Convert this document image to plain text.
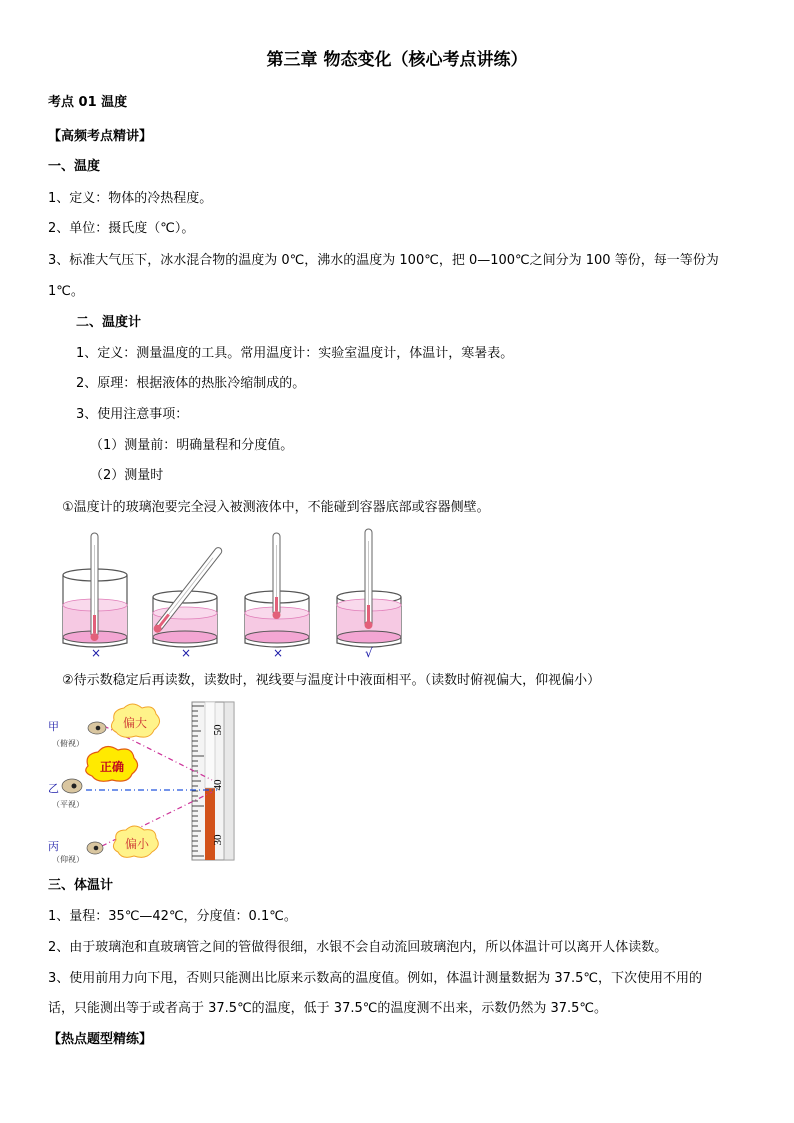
第三章 物态变化（核心考点讲练）
考点 01 温度
【高频考点精讲】
一、温度
1、定义：物体的冷热程度。
2、单位：摄氏度（℃）。
3、标准大气压下，冰水混合物的温度为 0℃，沸水的温度为 100℃，把 0—100℃之间分为 100 等份，每一等份为
1℃。
二、温度计
1、定义：测量温度的工具。常用温度计：实验室温度计，体温计，寒暑表。
2、原理：根据液体的热胀冷缩制成的。
3、使用注意事项：
（1）测量前：明确量程和分度值。
（2）测量时
①温度计的玻璃泡要完全浸入被测液体中，不能碰到容器底部或容器侧壁。
×	×	×	√
②待示数稳定后再读数，读数时，视线要与温度计中液面相平。（读数时俯视偏大，仰视偏小）
50
40
30
偏大
正确
偏小
甲
（俯视）
乙
（平视）
丙
（仰视）
三、体温计
1、量程：35℃—42℃，分度值：0.1℃。
2、由于玻璃泡和直玻璃管之间的管做得很细，水银不会自动流回玻璃泡内，所以体温计可以离开人体读数。
3、使用前用力向下甩，否则只能测出比原来示数高的温度值。例如，体温计测量数据为 37.5℃，下次使用不用的
话，只能测出等于或者高于 37.5℃的温度，低于 37.5℃的温度测不出来，示数仍然为 37.5℃。
【热点题型精练】
